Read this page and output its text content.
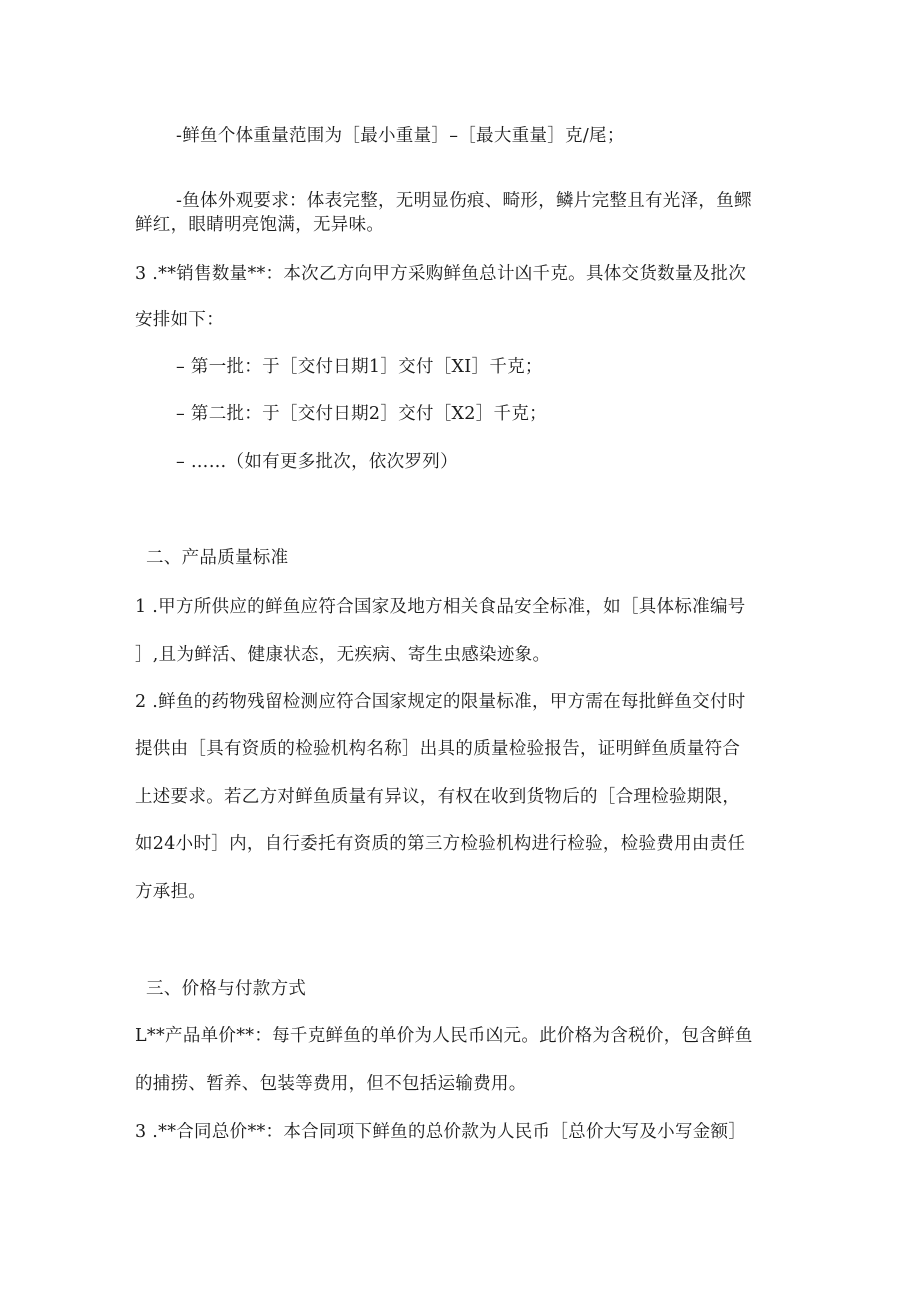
-鲜鱼个体重量范围为［最小重量］–［最大重量］克/尾；
-鱼体外观要求：体表完整，无明显伤痕、畸形，鳞片完整且有光泽，鱼鳏
鲜红，眼睛明亮饱满，无异味。
3 .**销售数量**：本次乙方向甲方采购鲜鱼总计凶千克。具体交货数量及批次
安排如下：
– 第一批：于［交付日期1］交付［XI］千克；
– 第二批：于［交付日期2］交付［X2］千克；
– ……（如有更多批次，依次罗列）
二、产品质量标准
1 .甲方所供应的鲜鱼应符合国家及地方相关食品安全标准，如［具体标准编号
］,且为鲜活、健康状态，无疾病、寄生虫感染迹象。
2 .鲜鱼的药物残留检测应符合国家规定的限量标准，甲方需在每批鲜鱼交付时
提供由［具有资质的检验机构名称］出具的质量检验报告，证明鲜鱼质量符合
上述要求。若乙方对鲜鱼质量有异议，有权在收到货物后的［合理检验期限，
如24小时］内，自行委托有资质的第三方检验机构进行检验，检验费用由责任
方承担。
三、价格与付款方式
L**产品单价**：每千克鲜鱼的单价为人民币凶元。此价格为含税价，包含鲜鱼
的捕捞、暂养、包装等费用，但不包括运输费用。
3 .**合同总价**：本合同项下鲜鱼的总价款为人民币［总价大写及小写金额］
